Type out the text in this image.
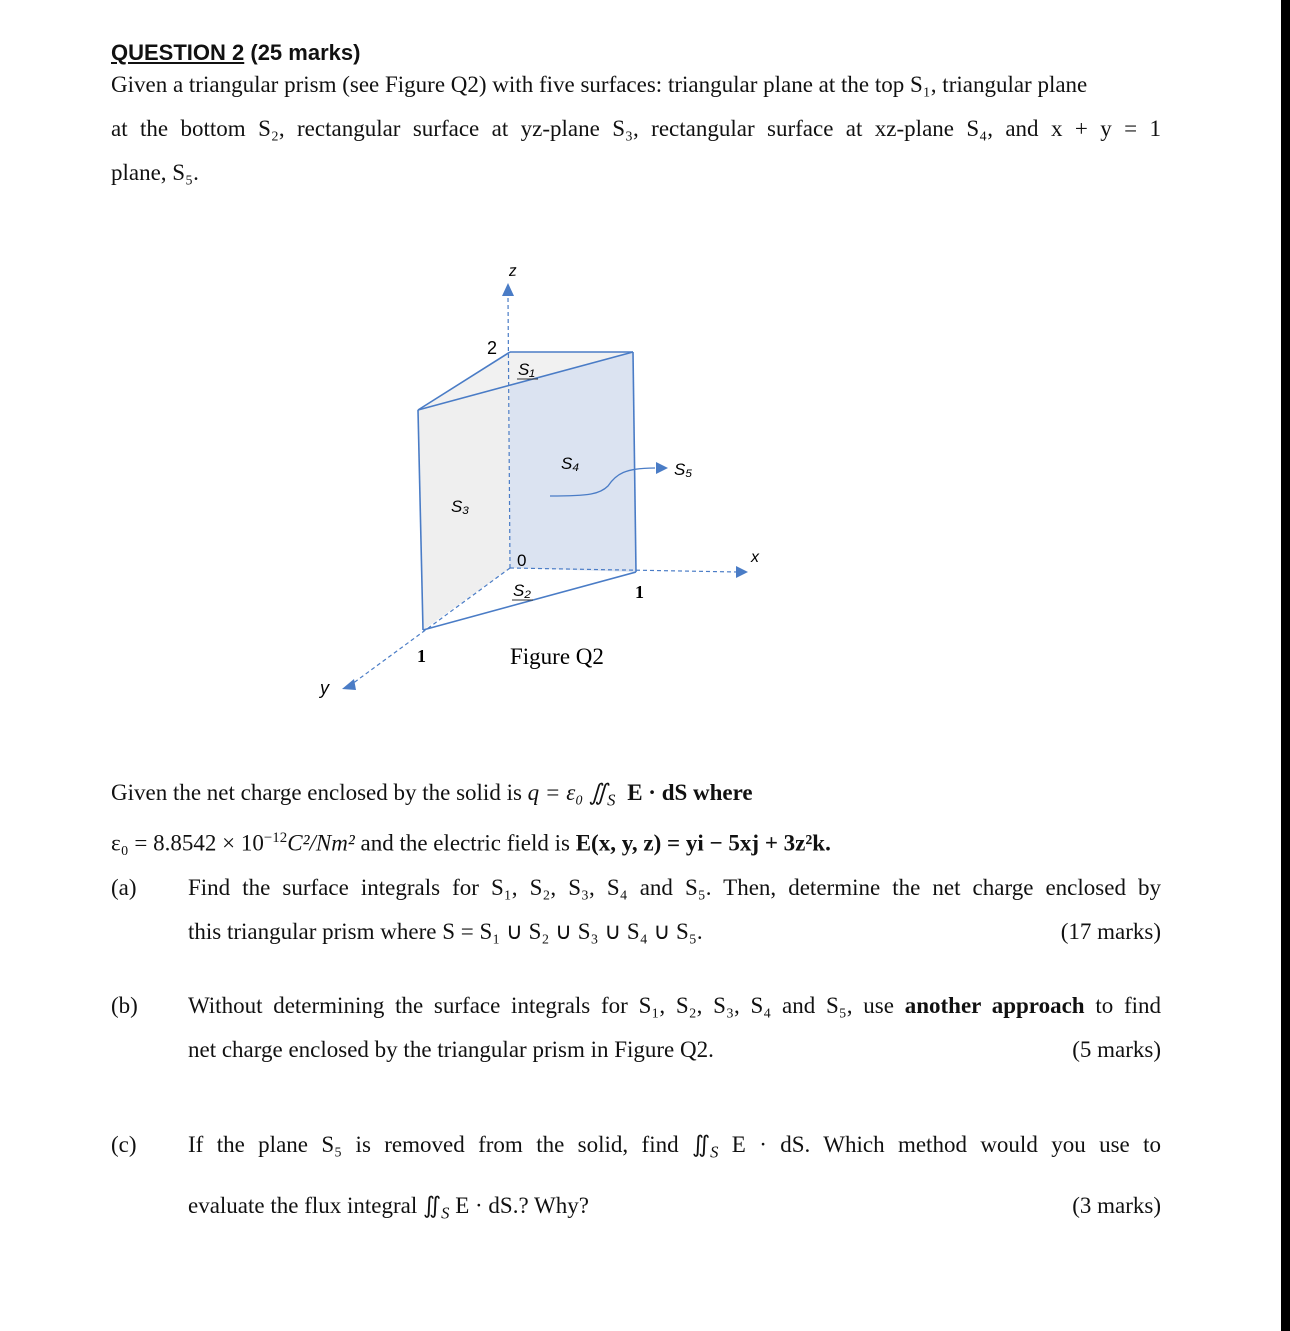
QUESTION 2 (25 marks)
Given a triangular prism (see Figure Q2) with five surfaces: triangular plane at the top S₁, triangular plane
at the bottom S₂, rectangular surface at yz-plane S₃, rectangular surface at xz-plane S₄, and x + y = 1
plane, S₅.
z
x
y
2
1
1
0
S₁
S₂
S₃
S₄	S₅
Figure Q2
Given the net charge enclosed by the solid is q = ε₀ $∬_S$ E · dS where
$\varepsilon_0 = 8.8542 \times 10^{-12}C^2$/Nm² and the electric field is E(x, y, z) = yi − 5xj + 3z²k.
(a) Find the surface integrals for S₁, S₂, S₃, S₄ and S₅. Then, determine the net charge enclosed by
this triangular prism where S = S₁ ∪ S₂ ∪ S₃ ∪ S₄ ∪ S₅.	(17 marks)
(b) Without determining the surface integrals for S₁, S₂, S₃, S₄ and S₅, use another approach to find
net charge enclosed by the triangular prism in Figure Q2.	(5 marks)
(c) If the plane S₅ is removed from the solid, find $∬_S$ E · dS. Which method would you use to
evaluate the flux integral $∬_S$ E · dS.? Why?	(3 marks)
